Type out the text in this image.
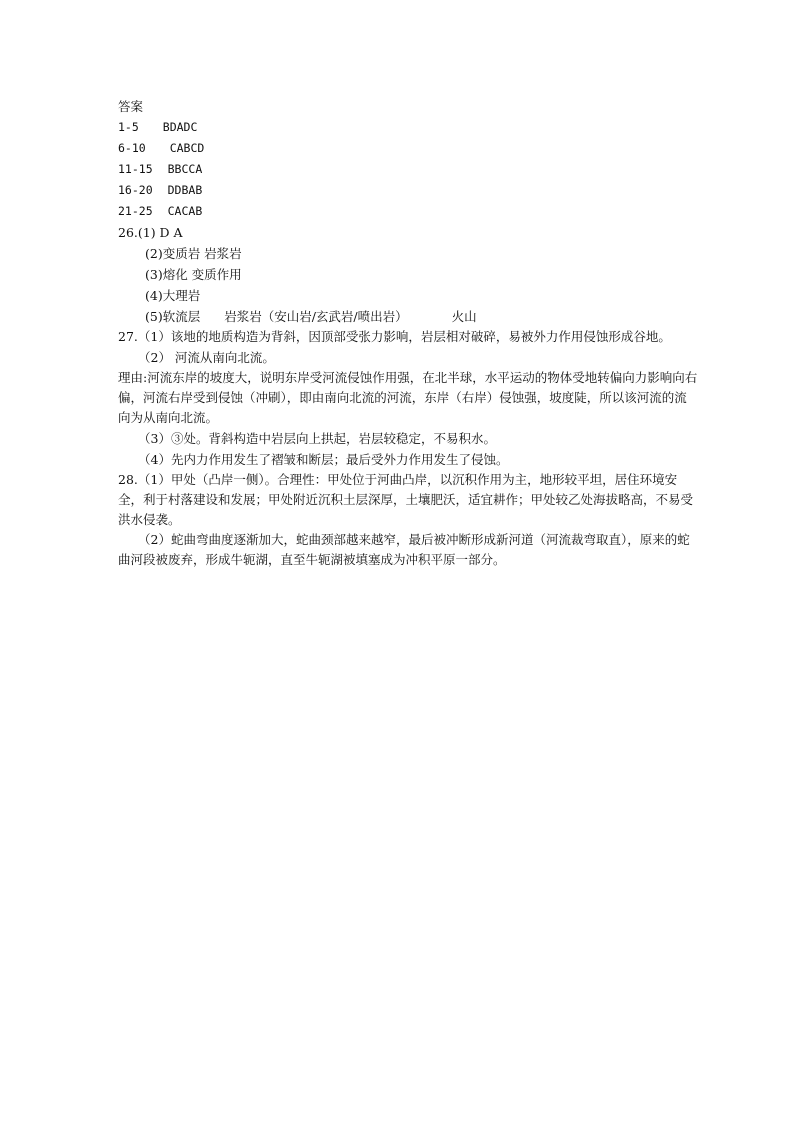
答案
1-5 BDADC
6-10 CABCD
11-15 BBCCA
16-20 DDBAB
21-25 CACAB
26.(1) D A
(2)变质岩 岩浆岩
(3)熔化 变质作用
(4)大理岩
(5)软流层 岩浆岩（安山岩/玄武岩/喷出岩）	火山
27.（1）该地的地质构造为背斜，因顶部受张力影响，岩层相对破碎，易被外力作用侵蚀形成谷地。
（2） 河流从南向北流。
理由:河流东岸的坡度大，说明东岸受河流侵蚀作用强，在北半球，水平运动的物体受地转偏向力影响向右偏，河流右岸受到侵蚀（冲刷），即由南向北流的河流，东岸（右岸）侵蚀强，坡度陡，所以该河流的流向为从南向北流。
（3）③处。背斜构造中岩层向上拱起，岩层较稳定，不易积水。
（4）先内力作用发生了褶皱和断层；最后受外力作用发生了侵蚀。
28.（1）甲处（凸岸一侧）。合理性：甲处位于河曲凸岸，以沉积作用为主，地形较平坦，居住环境安全，利于村落建设和发展；甲处附近沉积土层深厚，土壤肥沃，适宜耕作；甲处较乙处海拔略高，不易受洪水侵袭。
（2）蛇曲弯曲度逐渐加大，蛇曲颈部越来越窄，最后被冲断形成新河道（河流裁弯取直），原来的蛇曲河段被废弃，形成牛轭湖，直至牛轭湖被填塞成为冲积平原一部分。
